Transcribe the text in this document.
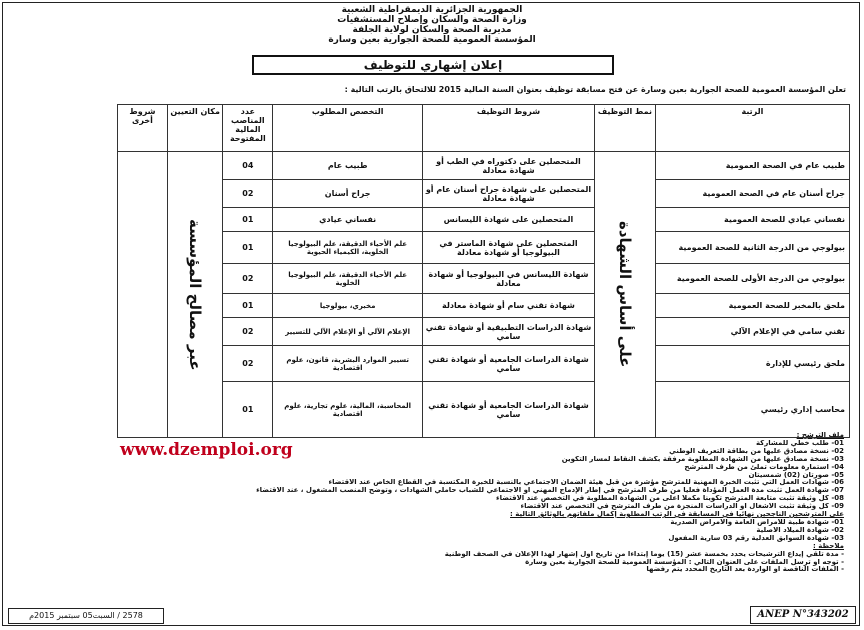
الجمهورية الجزائرية الديمقراطية الشعبية
وزارة الصحة والسكان وإصلاح المستشفيات
مديرية الصحة والسكان لولاية الجلفة
المؤسسة العمومية للصحة الجوارية بعين وسارة
إعلان إشهاري للتوظيف
تعلن المؤسسة العمومية للصحة الجوارية بعين وسارة عن فتح مسابقة توظيف بعنوان السنة المالية 2015 للالتحاق بالرتب التالية :
الرتبة	نمط التوظيف	شروط التوظيف	التخصص المطلوب	عدد المناصب المالية المفتوحة	مكان التعيين	شروط أخرى
طبيب عام في الصحة العمومية	على أساس الشهادة	المتحصلين على دكتوراه في الطب أو شهادة معادلة	طبيب عام	04	عبر مصالح المؤسسة	

جراح أسنان عام في الصحة العمومية		المتحصلين على شهادة جراح أسنان عام أو شهادة معادلة	جراح أسنان	02		
نفساني عيادي للصحة العمومية		المتحصلين على شهادة الليسانس	نفساني عيادي	01		
بيولوجي من الدرجة الثانية للصحة العمومية		المتحصلين على شهادة الماستر في البيولوجيا أو شهادة معادلة	علم الأحياء الدقيقة، علم البيولوجيا الخلوية، الكيمياء الحيوية	01		
بيولوجي من الدرجة الأولى للصحة العمومية		شهادة الليسانس في البيولوجيا أو شهادة معادلة	علم الأحياء الدقيقة، علم البيولوجيا الخلوية	02		
ملحق بالمخبر للصحة العمومية		شهادة تقني سام أو شهادة معادلة	مخبري، بيولوجيا	01		
تقني سامي في الإعلام الآلي		شهادة الدراسات التطبيقية أو شهادة تقني سامي	الإعلام الآلي أو الإعلام الآلي للتسيير	02		
ملحق رئيسي للإدارة		شهادة الدراسات الجامعية أو شهادة تقني سامي	تسيير الموارد البشرية، قانون، علوم اقتصادية	02		
محاسب إداري رئيسي		شهادة الدراسات الجامعية أو شهادة تقني سامي	المحاسبة، المالية، علوم تجارية، علوم اقتصادية	01		
www.dzemploi.org
ملف الترشح :
01- طلب خطي للمشاركة
02- نسخة مصادق عليها من بطاقة التعريف الوطني
03- نسخة مصادق عليها من الشهادة المطلوبة مرفقة بكشف النقاط لمسار التكوين
04- استمارة معلومات تملئ من طرف المترشح
05- صورتان (02) شمسيتان
06- شهادات العمل التي تثبت الخبرة المهنية للمترشح مؤشرة من قبل هيئة الضمان الاجتماعي بالنسبة للخبرة المكتسبة في القطاع الخاص عند الاقتضاء
07- شهادة العمل تثبت مدة العمل المؤداة فعليا من طرف المترشح في إطار الإدماج المهني أو الاجتماعي للشباب حاملي الشهادات ، وتوضح المنصب المشغول ، عند الاقتضاء
08- كل وثيقة تثبت متابعة المترشح تكوينا مكملا أعلى من الشهادة المطلوبة في التخصص عند الاقتضاء
09- كل وثيقة تثبت الأشغال أو الدراسات المنجزة من طرف المترشح في التخصص عند الاقتضاء
على المترشحين الناجحين نهائيا في المسابقة في الرتب المطلوبة إكمال ملفاتهم بالوثائق التالية :
01- شهادة طبية للأمراض العامة والأمراض الصدرية
02- شهادة الميلاد الأصلية
03- شهادة السوابق العدلية رقم 03 سارية المفعول
ملاحظة :
- مدة تلقي إيداع الترشيحات يحدد بخمسة عشر (15) يوما إبتداءا من تاريخ أول إشهار لهذا الإعلان في الصحف الوطنية
- توجه أو ترسل الملفات على العنوان التالي : المؤسسة العمومية للصحة الجوارية بعين وسارة
- الملفات الناقصة أو الواردة بعد التاريخ المحدد يتم رفضها
2578 / السبت05 سبتمبر 2015م	ANEP N°343202
